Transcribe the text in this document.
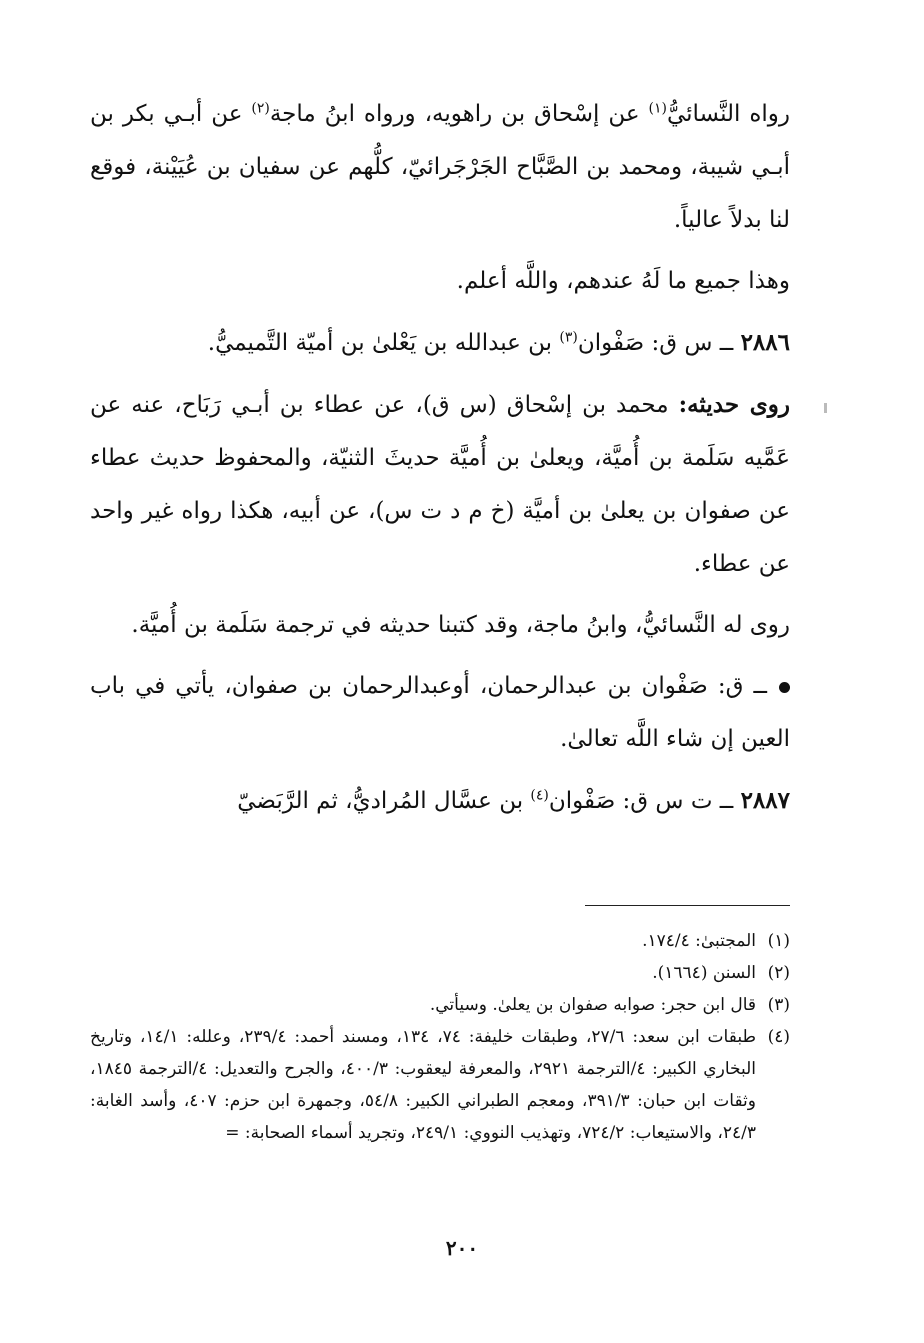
رواه النَّسائيُّ$^{(١)}$ عن إسْحاق بن راهويه، ورواه ابنُ ماجة$^{(٢)}$ عن أبـي بكر بن أبـي شيبة، ومحمد بن الصَّبَّاح الجَرْجَرائيّ، كلُّهم عن سفيان بن عُيَيْنة، فوقع لنا بدلاً عالياً.

وهذا جميع ما لَهُ عندهم، واللَّه أعلم.

٢٨٨٦ ــ س ق: صَفْوان$^{(٣)}$ بن عبدالله بن يَعْلىٰ بن أميّة التَّميميُّ.

روى حديثه: محمد بن إسْحاق (س ق)، عن عطاء بن أبـي رَبَاح، عنه عن عَمَّيه سَلَمة بن أُميَّة، ويعلىٰ بن أُميَّة حديثَ الثنيّة، والمحفوظ حديث عطاء عن صفوان بن يعلىٰ بن أميَّة (خ م د ت س)، عن أبيه، هكذا رواه غير واحد عن عطاء.

روى له النَّسائيُّ، وابنُ ماجة، وقد كتبنا حديثه في ترجمة سَلَمة بن أُميَّة.

ــ ق: صَفْوان بن عبدالرحمان، أوعبدالرحمان بن صفوان، يأتي في باب العين إن شاء اللَّه تعالىٰ.

٢٨٨٧ ــ ت س ق: صَفْوان$^{(٤)}$ بن عسَّال المُراديُّ، ثم الرَّبَضيّ

(١)
المجتبىٰ: ١٧٤/٤.
(٢)
السنن (١٦٦٤).
(٣)
قال ابن حجر: صوابه صفوان بن يعلىٰ. وسيأتي.
(٤)
طبقات ابن سعد: ٢٧/٦، وطبقات خليفة: ٧٤، ١٣٤، ومسند أحمد: ٢٣٩/٤، وعلله: ١٤/١، وتاريخ البخاري الكبير: ٤/الترجمة ٢٩٢١، والمعرفة ليعقوب: ٤٠٠/٣، والجرح والتعديل: ٤/الترجمة ١٨٤٥، وثقات ابن حبان: ٣٩١/٣، ومعجم الطبراني الكبير: ٥٤/٨، وجمهرة ابن حزم: ٤٠٧، وأسد الغابة: ٢٤/٣، والاستيعاب: ٧٢٤/٢، وتهذيب النووي: ٢٤٩/١، وتجريد أسماء الصحابة: =
٢٠٠
